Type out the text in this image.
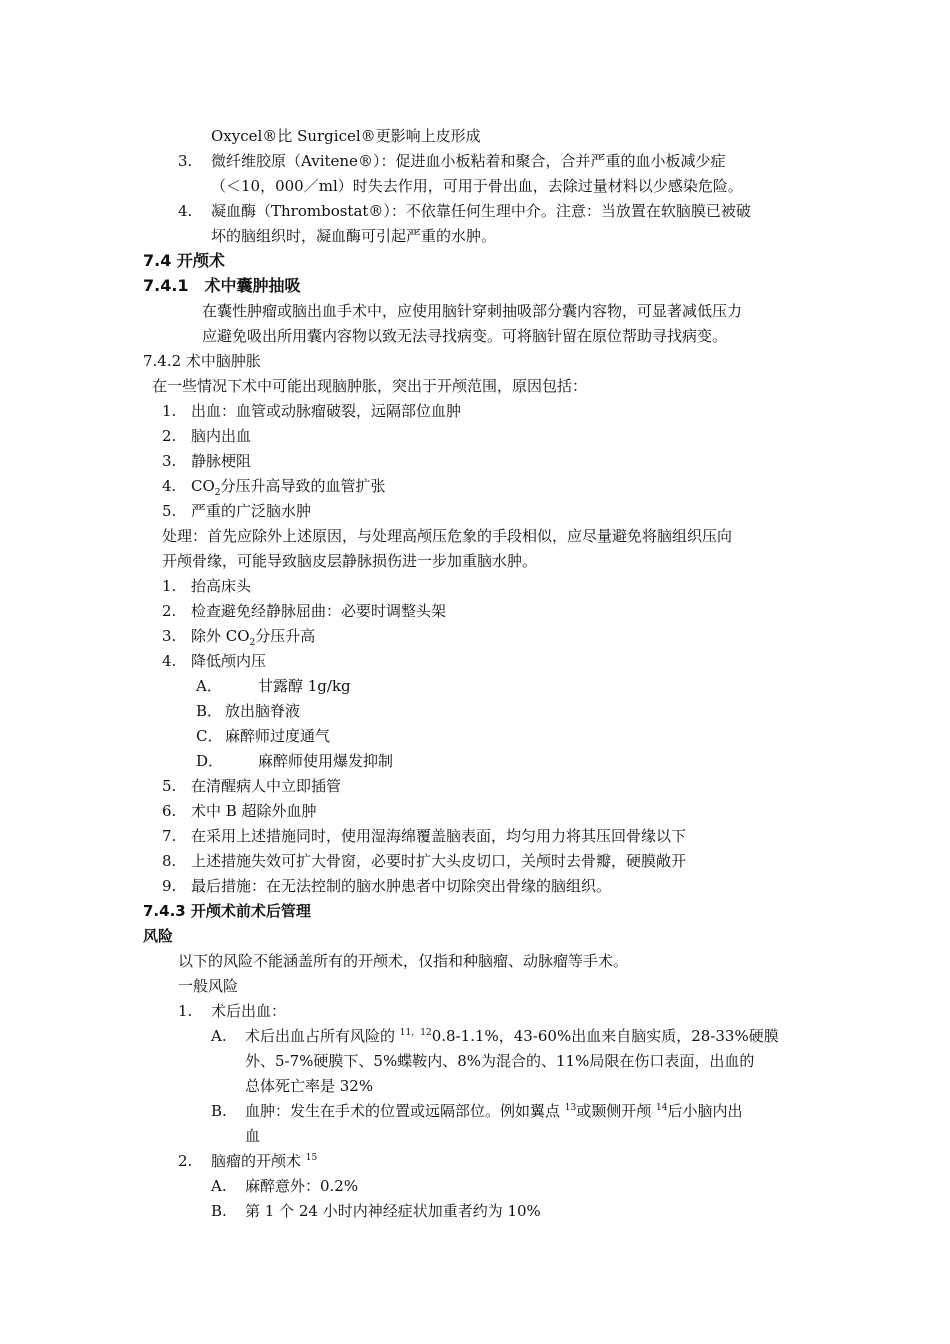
Oxycel®比 Surgicel®更影响上皮形成
3. 微纤维胶原（Avitene®）：促进血小板粘着和聚合，合并严重的血小板减少症
（＜10，000／ml）时失去作用，可用于骨出血，去除过量材料以少感染危险。
4. 凝血酶（Thrombostat®）：不依靠任何生理中介。注意：当放置在软脑膜已被破
坏的脑组织时，凝血酶可引起严重的水肿。
7.4 开颅术
7.4.1　术中囊肿抽吸
在囊性肿瘤或脑出血手术中，应使用脑针穿刺抽吸部分囊内容物，可显著减低压力
应避免吸出所用囊内容物以致无法寻找病变。可将脑针留在原位帮助寻找病变。
7.4.2 术中脑肿胀
在一些情况下术中可能出现脑肿胀，突出于开颅范围，原因包括：
1. 出血：血管或动脉瘤破裂，远隔部位血肿
2. 脑内出血
3. 静脉梗阻
4. $CO_2$分压升高导致的血管扩张
5. 严重的广泛脑水肿
处理：首先应除外上述原因，与处理高颅压危象的手段相似，应尽量避免将脑组织压向
开颅骨缘，可能导致脑皮层静脉损伤进一步加重脑水肿。
1. 抬高床头
2. 检查避免经静脉屈曲：必要时调整头架
3. 除外 $CO_2$分压升高
4. 降低颅内压
A． 甘露醇 1g/kg
B． 放出脑脊液
C． 麻醉师过度通气
D． 麻醉师使用爆发抑制
5. 在清醒病人中立即插管
6. 术中 B 超除外血肿
7. 在采用上述措施同时，使用湿海绵覆盖脑表面，均匀用力将其压回骨缘以下
8. 上述措施失效可扩大骨窗，必要时扩大头皮切口，关颅时去骨瓣，硬膜敞开
9. 最后措施：在无法控制的脑水肿患者中切除突出骨缘的脑组织。
7.4.3 开颅术前术后管理
风险
以下的风险不能涵盖所有的开颅术，仅指和种脑瘤、动脉瘤等手术。
一般风险
1. 术后出血：
A. 术后出血占所有风险的 $^{11,12}$0.8-1.1%，43-60%出血来自脑实质，28-33%硬膜
外、5-7%硬膜下、5%蝶鞍内、8%为混合的、11%局限在伤口表面，出血的
总体死亡率是 32%
B. 血肿：发生在手术的位置或远隔部位。例如翼点 $^{13}$或颞侧开颅 $^{14}$后小脑内出
血
2. 脑瘤的开颅术 $^{15}$
A. 麻醉意外：0.2%
B. 第 1 个 24 小时内神经症状加重者约为 10%
